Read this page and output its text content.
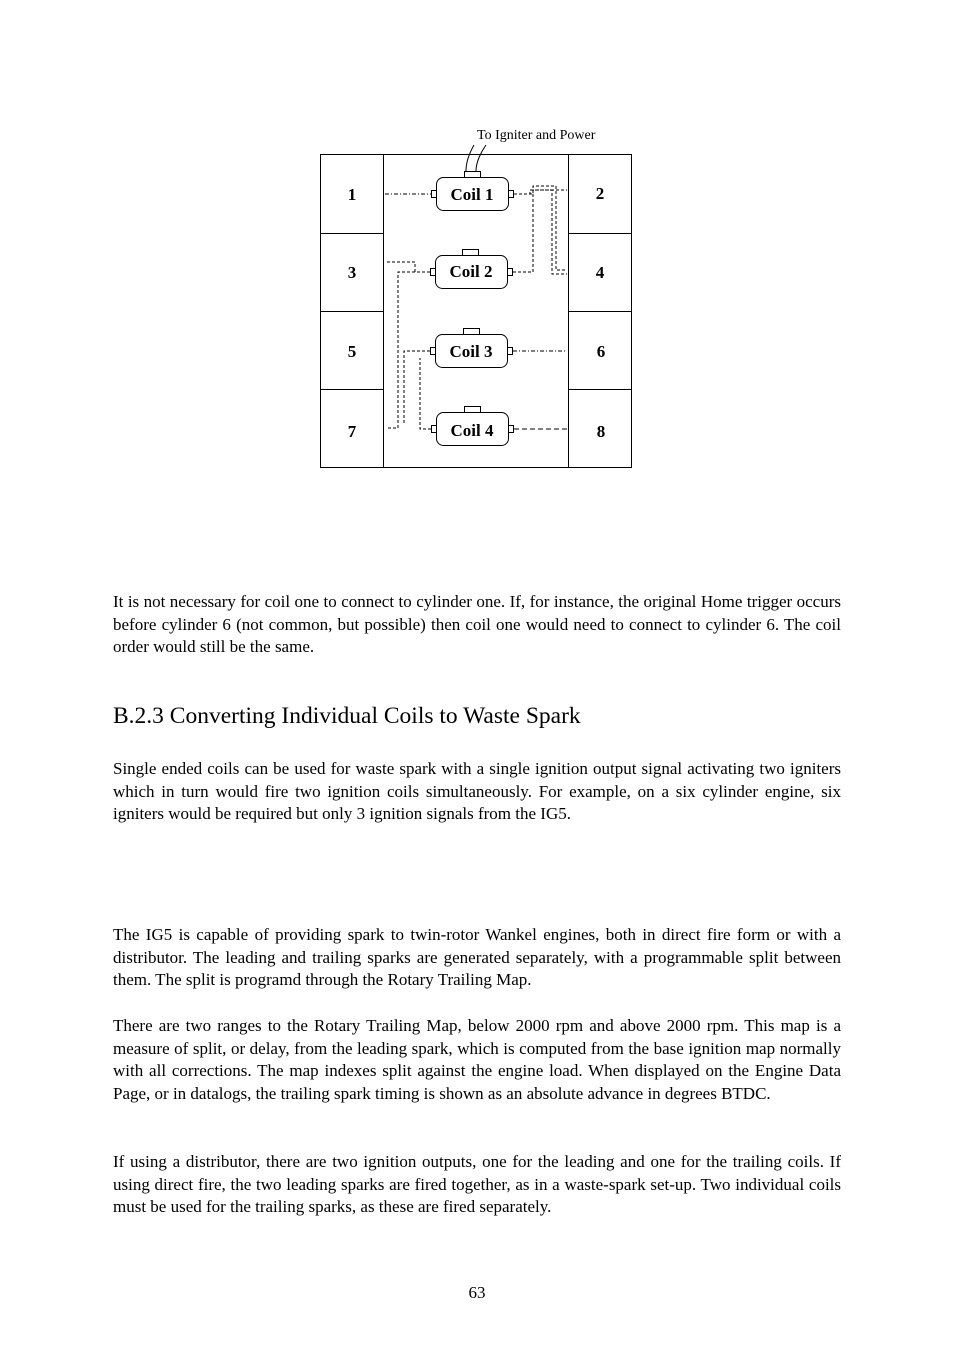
To Igniter and Power
1
3
5
7
2
4
6
8
Coil 1
Coil 2
Coil 3
Coil 4

It is not necessary for coil one to connect to cylinder one. If, for instance, the original Home trigger occurs before cylinder 6 (not common, but possible) then coil one would need to connect to cylinder 6. The coil order would still be the same.

B.2.3 Converting Individual Coils to Waste Spark

Single ended coils can be used for waste spark with a single ignition output signal activating two igniters which in turn would fire two ignition coils simultaneously. For example, on a six cylinder engine, six igniters would be required but only 3 ignition signals from the IG5.

The IG5 is capable of providing spark to twin-rotor Wankel engines, both in direct fire form or with a distributor. The leading and trailing sparks are generated separately, with a programmable split between them. The split is programd through the Rotary Trailing Map.

There are two ranges to the Rotary Trailing Map, below 2000 rpm and above 2000 rpm. This map is a measure of split, or delay, from the leading spark, which is computed from the base ignition map normally with all corrections. The map indexes split against the engine load. When displayed on the Engine Data Page, or in datalogs, the trailing spark timing is shown as an absolute advance in degrees BTDC.

If using a distributor, there are two ignition outputs, one for the leading and one for the trailing coils. If using direct fire, the two leading sparks are fired together, as in a waste-spark set-up. Two individual coils must be used for the trailing sparks, as these are fired separately.

63
